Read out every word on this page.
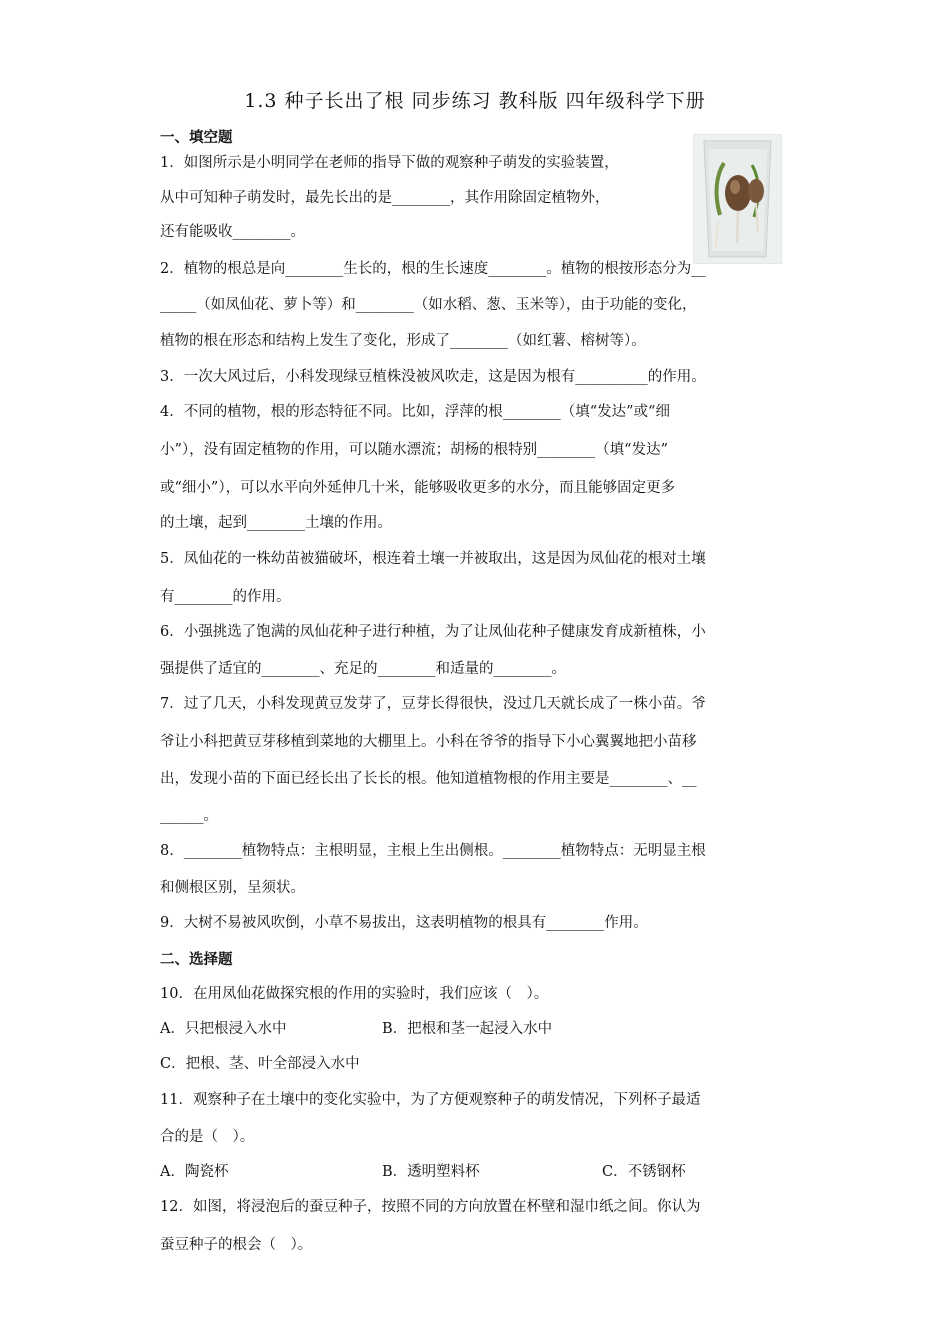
1.3 种子长出了根 同步练习 教科版 四年级科学下册
一、填空题
1．如图所示是小明同学在老师的指导下做的观察种子萌发的实验装置，
从中可知种子萌发时，最先长出的是________，其作用除固定植物外，
还有能吸收________。
2．植物的根总是向________生长的，根的生长速度________。植物的根按形态分为__
_____（如凤仙花、萝卜等）和________（如水稻、葱、玉米等），由于功能的变化，
植物的根在形态和结构上发生了变化，形成了________（如红薯、榕树等）。
3．一次大风过后，小科发现绿豆植株没被风吹走，这是因为根有__________的作用。
4．不同的植物，根的形态特征不同。比如，浮萍的根________（填“发达”或“细
小”），没有固定植物的作用，可以随水漂流；胡杨的根特别________（填“发达”
或“细小”），可以水平向外延伸几十米，能够吸收更多的水分，而且能够固定更多
的土壤，起到________土壤的作用。
5．凤仙花的一株幼苗被猫破坏，根连着土壤一并被取出，这是因为凤仙花的根对土壤
有________的作用。
6．小强挑选了饱满的凤仙花种子进行种植，为了让凤仙花种子健康发育成新植株，小
强提供了适宜的________、充足的________和适量的________。
7．过了几天，小科发现黄豆发芽了，豆芽长得很快，没过几天就长成了一株小苗。爷
爷让小科把黄豆芽移植到菜地的大棚里上。小科在爷爷的指导下小心翼翼地把小苗移
出，发现小苗的下面已经长出了长长的根。他知道植物根的作用主要是________、__
______。
8．________植物特点：主根明显，主根上生出侧根。________植物特点：无明显主根
和侧根区别，呈须状。
9．大树不易被风吹倒，小草不易拔出，这表明植物的根具有________作用。
二、选择题
10．在用凤仙花做探究根的作用的实验时，我们应该（　）。
A．只把根浸入水中	B．把根和茎一起浸入水中
C．把根、茎、叶全部浸入水中
11．观察种子在土壤中的变化实验中，为了方便观察种子的萌发情况，下列杯子最适
合的是（　）。
A．陶瓷杯	B．透明塑料杯	C．不锈钢杯
12．如图，将浸泡后的蚕豆种子，按照不同的方向放置在杯壁和湿巾纸之间。你认为
蚕豆种子的根会（　）。
